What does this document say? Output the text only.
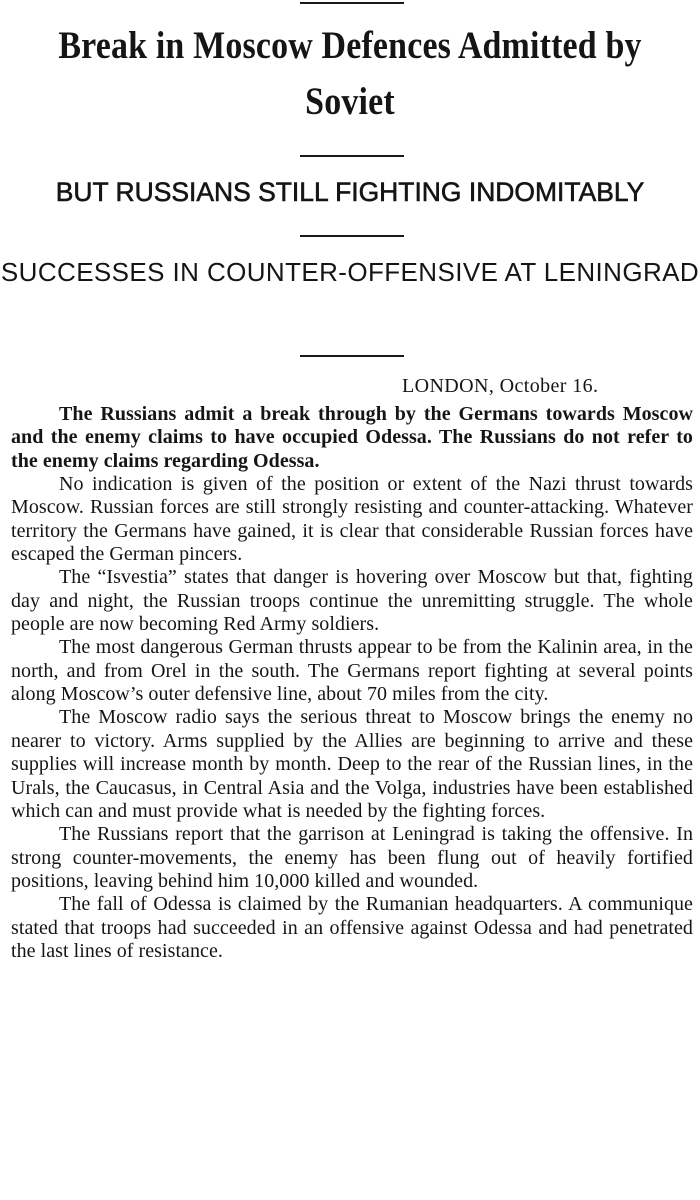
Break in Moscow Defences Admitted by Soviet
BUT RUSSIANS STILL FIGHTING INDOMITABLY
SUCCESSES IN COUNTER-OFFENSIVE AT LENINGRAD
LONDON, October 16.

The Russians admit a break through by the Germans towards Moscow and the enemy claims to have occupied Odessa. The Russians do not refer to the enemy claims regarding Odessa.

No indication is given of the position or extent of the Nazi thrust towards Moscow. Russian forces are still strongly resisting and counter-attacking. Whatever territory the Germans have gained, it is clear that considerable Russian forces have escaped the German pincers.

The “Isvestia” states that danger is hovering over Moscow but that, fighting day and night, the Russian troops continue the unremitting struggle. The whole people are now becoming Red Army soldiers.

The most dangerous German thrusts appear to be from the Kalinin area, in the north, and from Orel in the south. The Germans report fighting at several points along Moscow’s outer defensive line, about 70 miles from the city.

The Moscow radio says the serious threat to Moscow brings the enemy no nearer to victory. Arms supplied by the Allies are beginning to arrive and these supplies will increase month by month. Deep to the rear of the Russian lines, in the Urals, the Caucasus, in Central Asia and the Volga, industries have been established which can and must provide what is needed by the fighting forces.

The Russians report that the garrison at Leningrad is taking the offensive. In strong counter-movements, the enemy has been flung out of heavily fortified positions, leaving behind him 10,000 killed and wounded.

The fall of Odessa is claimed by the Rumanian headquarters. A communique stated that troops had succeeded in an offensive against Odessa and had penetrated the last lines of resistance.
